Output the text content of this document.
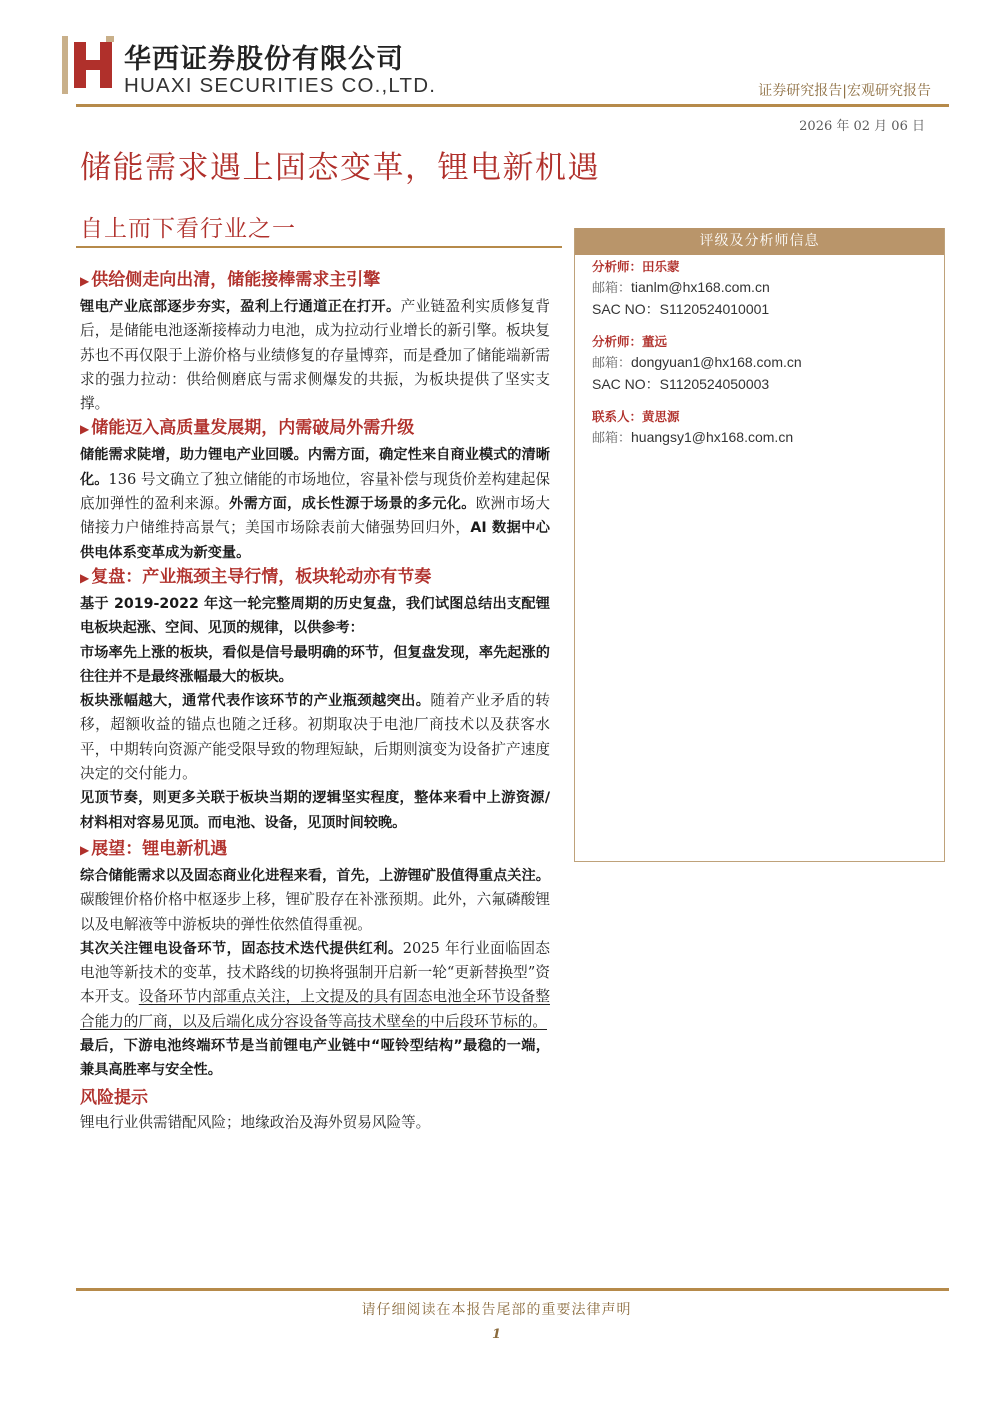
华西证券股份有限公司
HUAXI SECURITIES CO.,LTD.	证券研究报告|宏观研究报告
2026 年 02 月 06 日
储能需求遇上固态变革，锂电新机遇
自上而下看行业之一	评级及分析师信息
分析师：田乐蒙
邮箱：tianlm@hx168.com.cn
SAC NO：S1120524010001
分析师：董远
邮箱：dongyuan1@hx168.com.cn
SAC NO：S1120524050003
联系人：黄思源
邮箱：huangsy1@hx168.com.cn
▶ 供给侧走向出清，储能接棒需求主引擎
锂电产业底部逐步夯实，盈利上行通道正在打开。产业链盈利实质修复背后，是储能电池逐渐接棒动力电池，成为拉动行业增长的新引擎。板块复苏也不再仅限于上游价格与业绩修复的存量博弈，而是叠加了储能端新需求的强力拉动：供给侧磨底与需求侧爆发的共振，为板块提供了坚实支撑。
▶ 储能迈入高质量发展期，内需破局外需升级
储能需求陡增，助力锂电产业回暖。内需方面，确定性来自商业模式的清晰化。136 号文确立了独立储能的市场地位，容量补偿与现货价差构建起保底加弹性的盈利来源。外需方面，成长性源于场景的多元化。欧洲市场大储接力户储维持高景气；美国市场除表前大储强势回归外，AI 数据中心供电体系变革成为新变量。
▶ 复盘：产业瓶颈主导行情，板块轮动亦有节奏
基于 2019-2022 年这一轮完整周期的历史复盘，我们试图总结出支配锂电板块起涨、空间、见顶的规律，以供参考：
市场率先上涨的板块，看似是信号最明确的环节，但复盘发现，率先起涨的往往并不是最终涨幅最大的板块。
板块涨幅越大，通常代表作该环节的产业瓶颈越突出。随着产业矛盾的转移，超额收益的锚点也随之迁移。初期取决于电池厂商技术以及获客水平，中期转向资源产能受限导致的物理短缺，后期则演变为设备扩产速度决定的交付能力。
见顶节奏，则更多关联于板块当期的逻辑坚实程度，整体来看中上游资源/材料相对容易见顶。而电池、设备，见顶时间较晚。
▶ 展望：锂电新机遇
综合储能需求以及固态商业化进程来看，首先，上游锂矿股值得重点关注。碳酸锂价格价格中枢逐步上移，锂矿股存在补涨预期。此外，六氟磷酸锂以及电解液等中游板块的弹性依然值得重视。
其次关注锂电设备环节，固态技术迭代提供红利。2025 年行业面临固态电池等新技术的变革，技术路线的切换将强制开启新一轮“更新替换型”资本开支。设备环节内部重点关注，上文提及的具有固态电池全环节设备整合能力的厂商，以及后端化成分容设备等高技术壁垒的中后段环节标的。
最后，下游电池终端环节是当前锂电产业链中“哑铃型结构”最稳的一端，兼具高胜率与安全性。
风险提示
锂电行业供需错配风险；地缘政治及海外贸易风险等。
请仔细阅读在本报告尾部的重要法律声明
1
